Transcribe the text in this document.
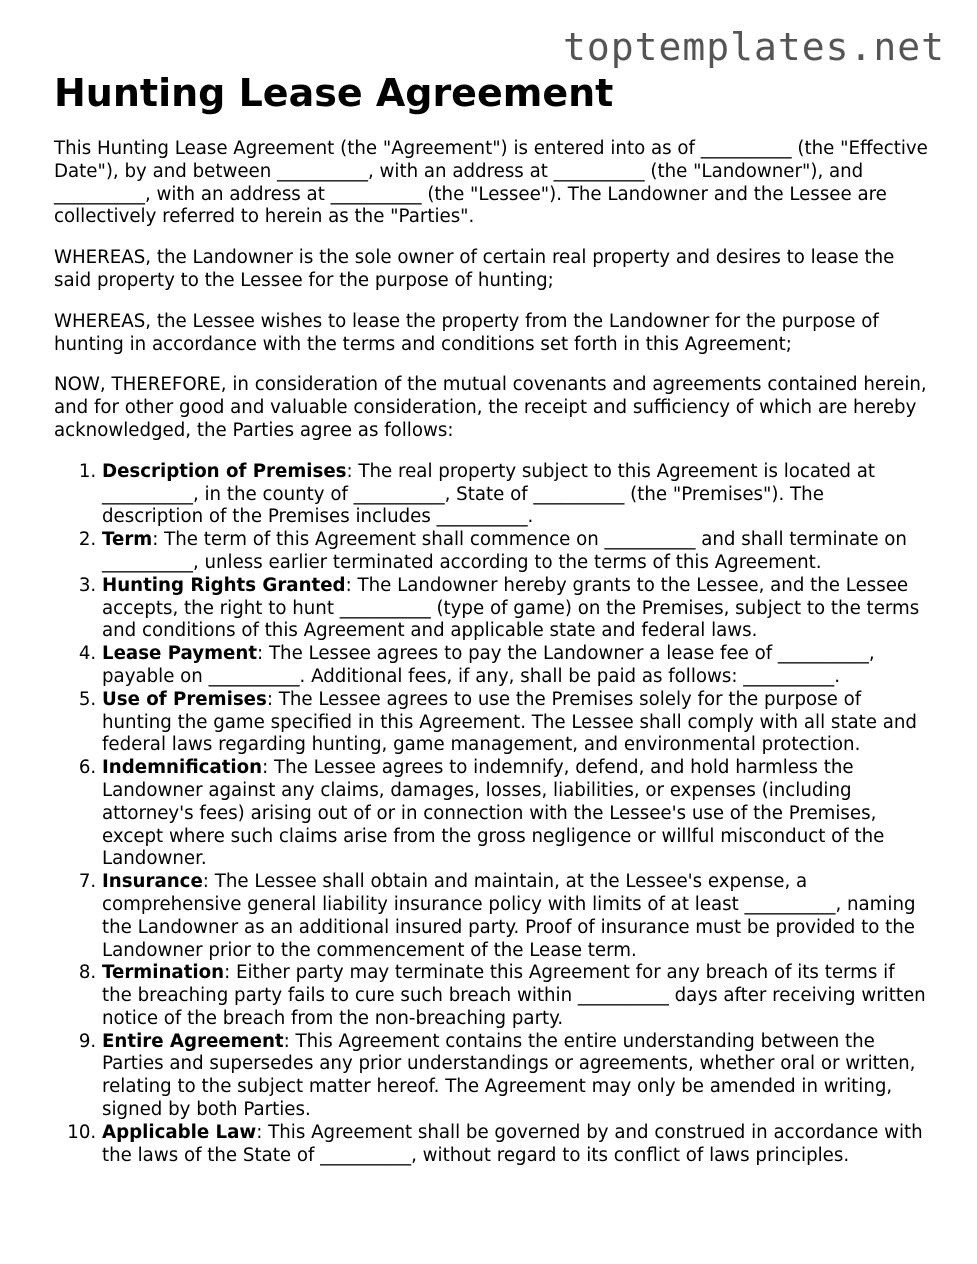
toptemplates.net
Hunting Lease Agreement

This Hunting Lease Agreement (the "Agreement") is entered into as of __________ (the "Effective Date"), by and between __________, with an address at __________ (the "Landowner"), and __________, with an address at __________ (the "Lessee"). The Landowner and the Lessee are collectively referred to herein as the "Parties".

WHEREAS, the Landowner is the sole owner of certain real property and desires to lease the said property to the Lessee for the purpose of hunting;

WHEREAS, the Lessee wishes to lease the property from the Landowner for the purpose of hunting in accordance with the terms and conditions set forth in this Agreement;

NOW, THEREFORE, in consideration of the mutual covenants and agreements contained herein, and for other good and valuable consideration, the receipt and sufficiency of which are hereby acknowledged, the Parties agree as follows:

1. Description of Premises: The real property subject to this Agreement is located at __________, in the county of __________, State of __________ (the "Premises"). The description of the Premises includes __________.
2. Term: The term of this Agreement shall commence on __________ and shall terminate on __________, unless earlier terminated according to the terms of this Agreement.
3. Hunting Rights Granted: The Landowner hereby grants to the Lessee, and the Lessee accepts, the right to hunt __________ (type of game) on the Premises, subject to the terms and conditions of this Agreement and applicable state and federal laws.
4. Lease Payment: The Lessee agrees to pay the Landowner a lease fee of __________, payable on __________. Additional fees, if any, shall be paid as follows: __________.
5. Use of Premises: The Lessee agrees to use the Premises solely for the purpose of hunting the game specified in this Agreement. The Lessee shall comply with all state and federal laws regarding hunting, game management, and environmental protection.
6. Indemnification: The Lessee agrees to indemnify, defend, and hold harmless the Landowner against any claims, damages, losses, liabilities, or expenses (including attorney's fees) arising out of or in connection with the Lessee's use of the Premises, except where such claims arise from the gross negligence or willful misconduct of the Landowner.
7. Insurance: The Lessee shall obtain and maintain, at the Lessee's expense, a comprehensive general liability insurance policy with limits of at least __________, naming the Landowner as an additional insured party. Proof of insurance must be provided to the Landowner prior to the commencement of the Lease term.
8. Termination: Either party may terminate this Agreement for any breach of its terms if the breaching party fails to cure such breach within __________ days after receiving written notice of the breach from the non-breaching party.
9. Entire Agreement: This Agreement contains the entire understanding between the Parties and supersedes any prior understandings or agreements, whether oral or written, relating to the subject matter hereof. The Agreement may only be amended in writing, signed by both Parties.
10. Applicable Law: This Agreement shall be governed by and construed in accordance with the laws of the State of __________, without regard to its conflict of laws principles.
